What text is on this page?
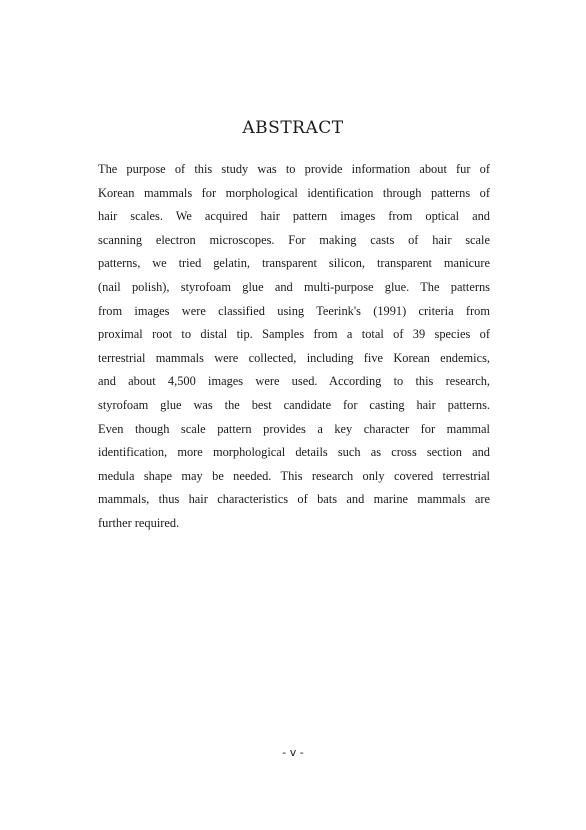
ABSTRACT
The purpose of this study was to provide information about fur of
Korean mammals for morphological identification through patterns of
hair scales. We acquired hair pattern images from optical and
scanning electron microscopes. For making casts of hair scale
patterns, we tried gelatin, transparent silicon, transparent manicure
(nail polish), styrofoam glue and multi-purpose glue. The patterns
from images were classified using Teerink's (1991) criteria from
proximal root to distal tip. Samples from a total of 39 species of
terrestrial mammals were collected, including five Korean endemics,
and about 4,500 images were used. According to this research,
styrofoam glue was the best candidate for casting hair patterns.
Even though scale pattern provides a key character for mammal
identification, more morphological details such as cross section and
medula shape may be needed. This research only covered terrestrial
mammals, thus hair characteristics of bats and marine mammals are
further required.
- v -
